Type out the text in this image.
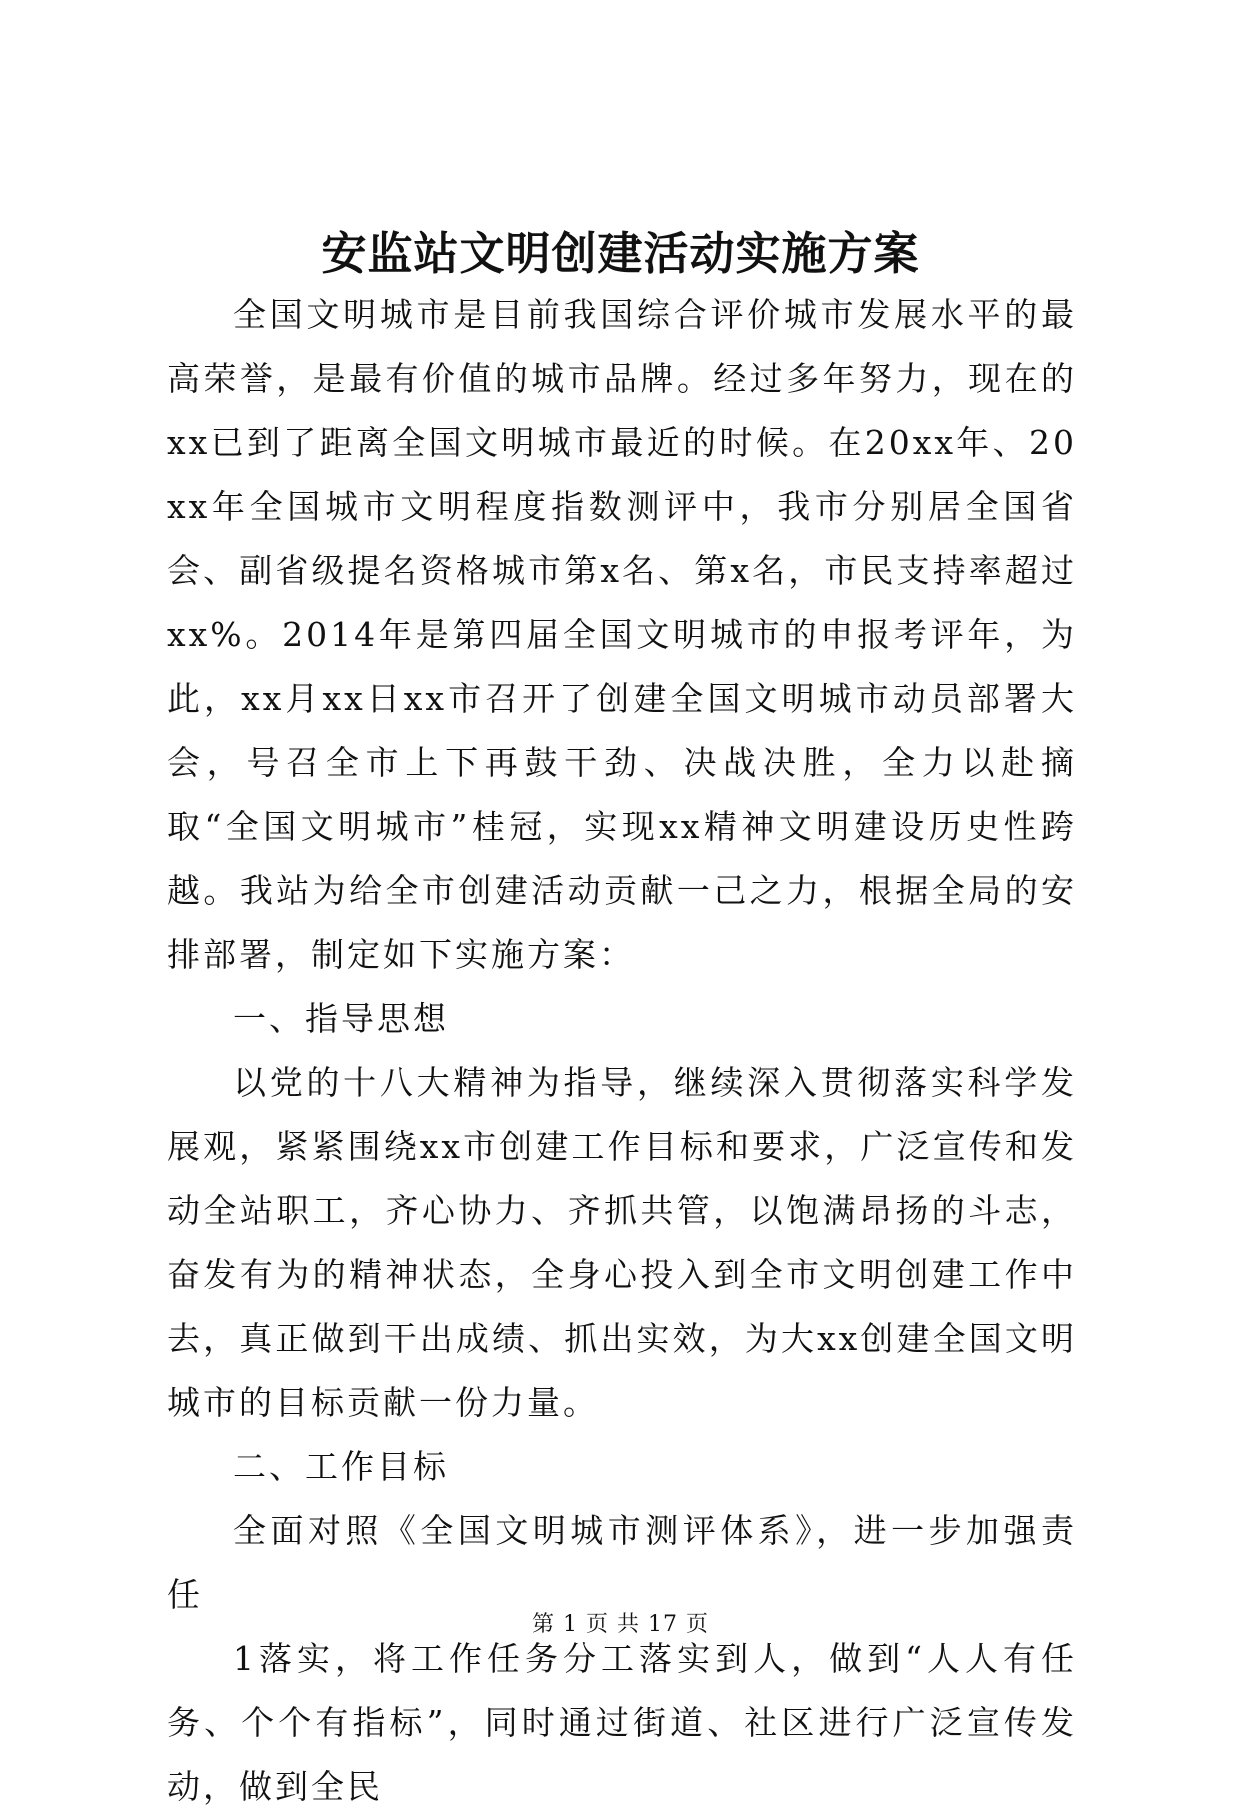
安监站文明创建活动实施方案

全国文明城市是目前我国综合评价城市发展水平的最高荣誉，是最有价值的城市品牌。经过多年努力，现在的xx已到了距离全国文明城市最近的时候。在20xx年、20xx年全国城市文明程度指数测评中，我市分别居全国省会、副省级提名资格城市第x名、第x名，市民支持率超过xx%。2014年是第四届全国文明城市的申报考评年，为此，xx月xx日xx市召开了创建全国文明城市动员部署大会，号召全市上下再鼓干劲、决战决胜，全力以赴摘取“全国文明城市”桂冠，实现xx精神文明建设历史性跨越。我站为给全市创建活动贡献一己之力，根据全局的安排部署，制定如下实施方案：

一、指导思想

以党的十八大精神为指导，继续深入贯彻落实科学发展观，紧紧围绕xx市创建工作目标和要求，广泛宣传和发动全站职工，齐心协力、齐抓共管，以饱满昂扬的斗志，奋发有为的精神状态，全身心投入到全市文明创建工作中去，真正做到干出成绩、抓出实效，为大xx创建全国文明城市的目标贡献一份力量。

二、工作目标

全面对照《全国文明城市测评体系》，进一步加强责任

1落实，将工作任务分工落实到人，做到“人人有任务、个个有指标”，同时通过街道、社区进行广泛宣传发动，做到全民

第 1 页 共 17 页
